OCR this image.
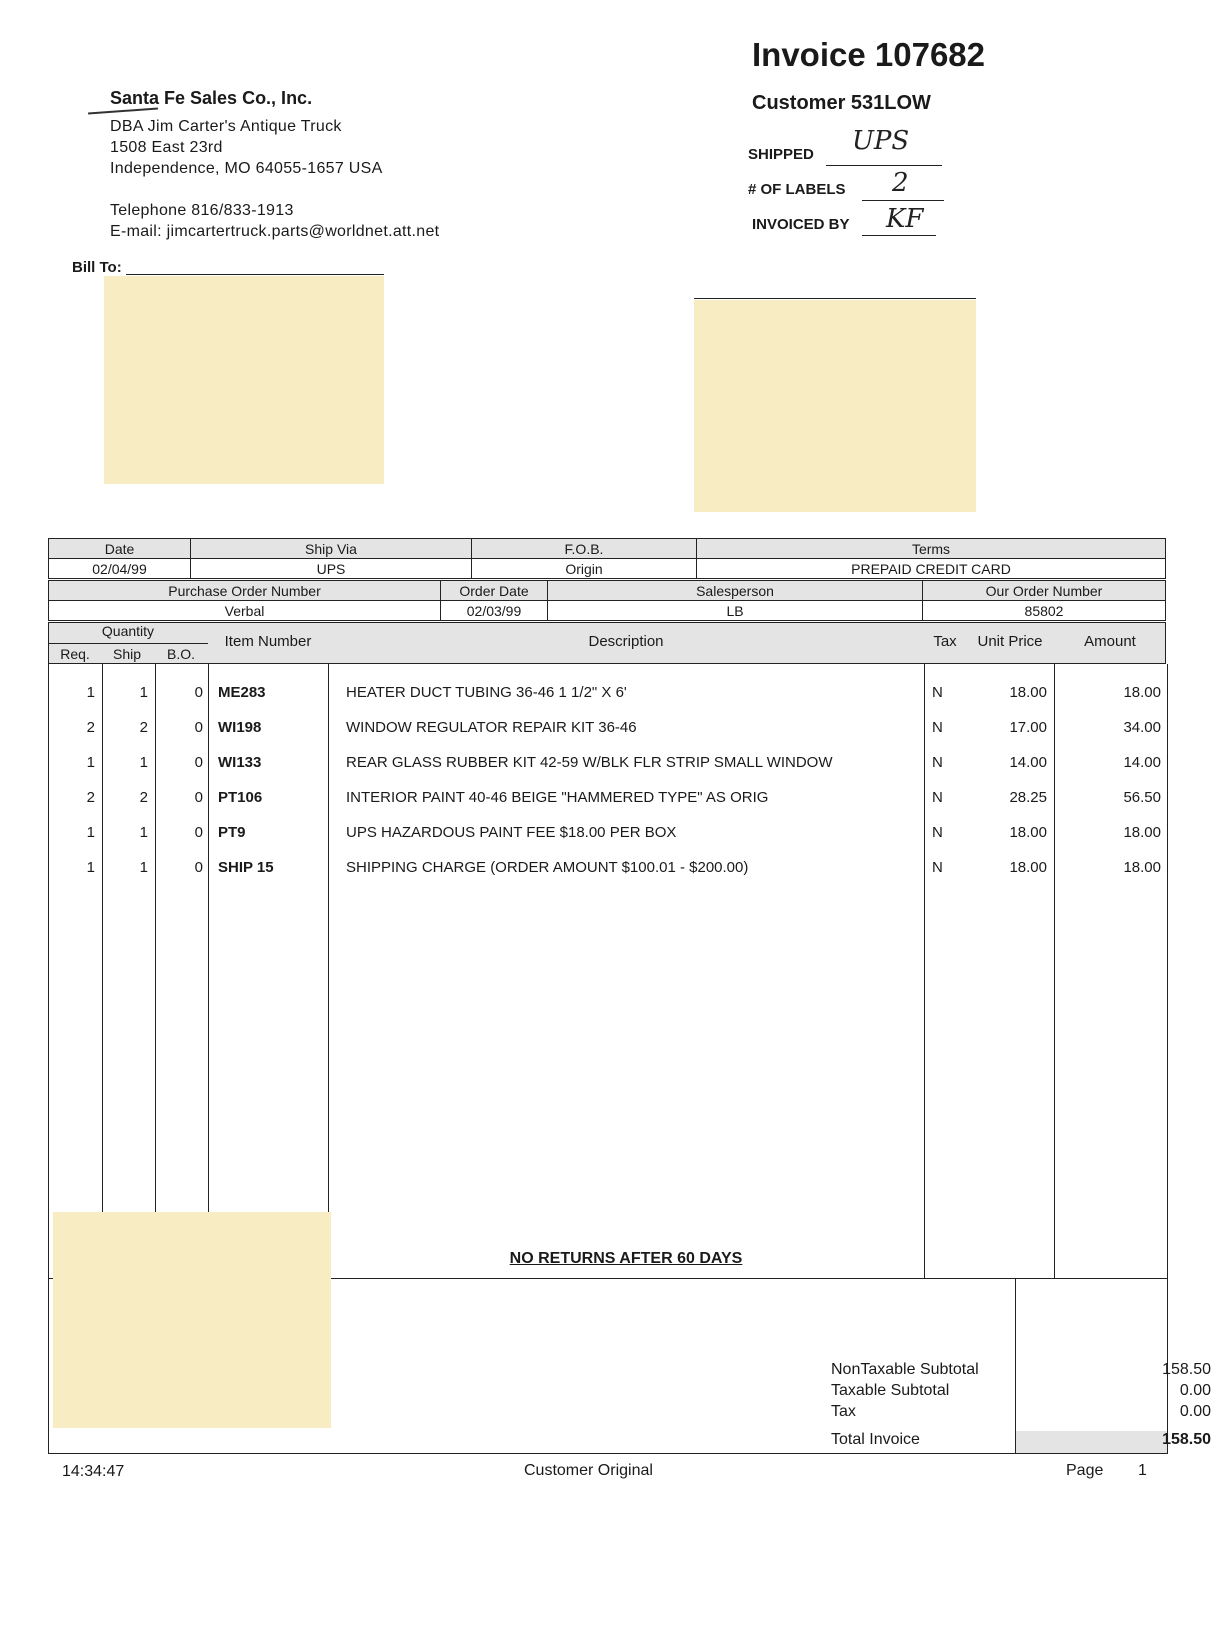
Santa Fe Sales Co., Inc.
DBA Jim Carter's Antique Truck
1508 East 23rd
Independence, MO 64055-1657 USA
Telephone 816/833-1913
E-mail: jimcartertruck.parts@worldnet.att.net
Invoice 107682
Customer 531LOW
SHIPPED UPS
# OF LABELS 2
INVOICED BY KF
Bill To:
Date	Ship Via	F.O.B.	Terms
02/04/99	UPS	Origin	PREPAID CREDIT CARD
Purchase Order Number	Order Date	Salesperson	Our Order Number
Verbal	02/03/99	LB	85802
Quantity
Req.	Ship	B.O.
Item Number	Description	Tax	Unit Price	Amount
1	1	0 ME283	HEATER DUCT TUBING 36-46 1 1/2" X 6'	N	18.00	18.00
2	2	0 WI198	WINDOW REGULATOR REPAIR KIT 36-46	N	17.00	34.00
1	1	0 WI133	REAR GLASS RUBBER KIT 42-59 W/BLK FLR STRIP SMALL WINDOW	N	14.00	14.00
2	2	0 PT106	INTERIOR PAINT 40-46 BEIGE "HAMMERED TYPE" AS ORIG	N	28.25	56.50
1	1	0 PT9	UPS HAZARDOUS PAINT FEE $18.00 PER BOX	N	18.00	18.00
1	1	0 SHIP 15	SHIPPING CHARGE (ORDER AMOUNT $100.01 - $200.00)	N	18.00	18.00
NO RETURNS AFTER 60 DAYS
NonTaxable Subtotal	158.50
Taxable Subtotal	0.00
Tax	0.00
Total Invoice	158.50
14:34:47	Customer Original	Page 1
